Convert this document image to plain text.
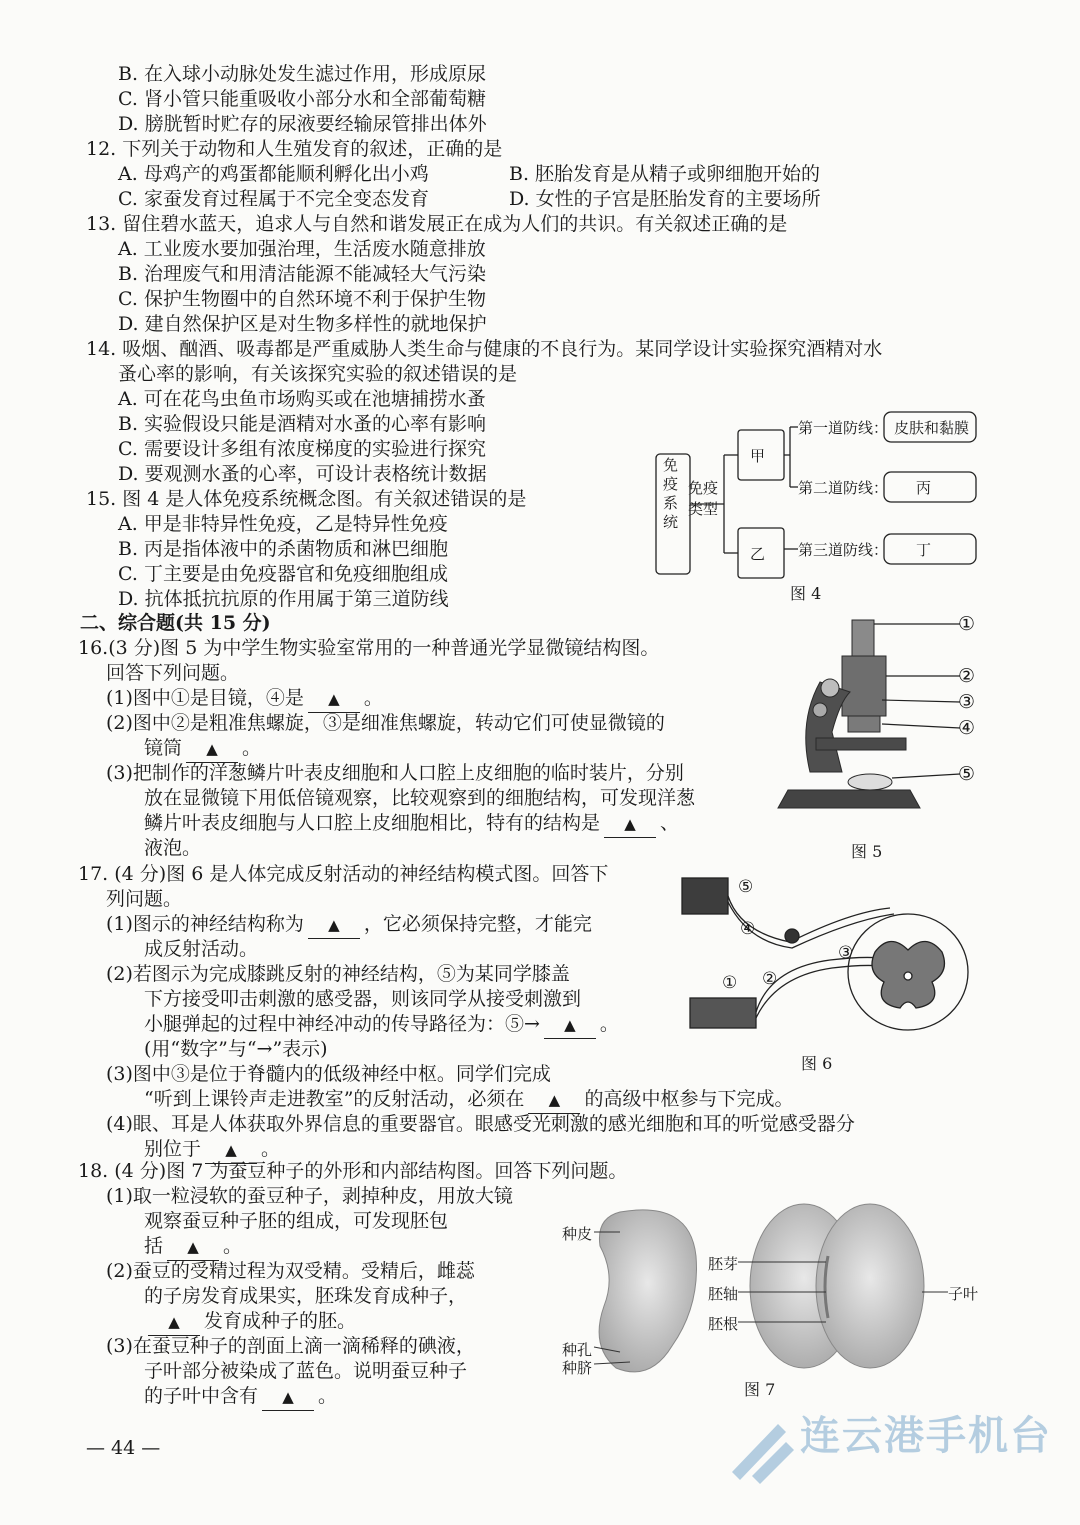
B. 在入球小动脉处发生滤过作用，形成原尿
C. 肾小管只能重吸收小部分水和全部葡萄糖
D. 膀胱暂时贮存的尿液要经输尿管排出体外
12. 下列关于动物和人生殖发育的叙述，正确的是
A. 母鸡产的鸡蛋都能顺利孵化出小鸡	B. 胚胎发育是从精子或卵细胞开始的
C. 家蚕发育过程属于不完全变态发育	D. 女性的子宫是胚胎发育的主要场所
13. 留住碧水蓝天，追求人与自然和谐发展正在成为人们的共识。有关叙述正确的是
A. 工业废水要加强治理，生活废水随意排放
B. 治理废气和用清洁能源不能减轻大气污染
C. 保护生物圈中的自然环境不利于保护生物
D. 建自然保护区是对生物多样性的就地保护
14. 吸烟、酗酒、吸毒都是严重威胁人类生命与健康的不良行为。某同学设计实验探究酒精对水
蚤心率的影响，有关该探究实验的叙述错误的是
A. 可在花鸟虫鱼市场购买或在池塘捕捞水蚤
B. 实验假设只能是酒精对水蚤的心率有影响
C. 需要设计多组有浓度梯度的实验进行探究
D. 要观测水蚤的心率，可设计表格统计数据
15. 图 4 是人体免疫系统概念图。有关叙述错误的是
A. 甲是非特异性免疫，乙是特异性免疫
B. 丙是指体液中的杀菌物质和淋巴细胞
C. 丁主要是由免疫器官和免疫细胞组成
D. 抗体抵抗抗原的作用属于第三道防线
免疫系统
免疫类型
甲
乙
第一道防线：
第二道防线：
第三道防线：
皮肤和黏膜
丙
丁
图 4
二、综合题(共 15 分)
16.(3 分)图 5 为中学生物实验室常用的一种普通光学显微镜结构图。
回答下列问题。
(1)图中①是目镜，④是 ▲ 。
(2)图中②是粗准焦螺旋，③是细准焦螺旋，转动它们可使显微镜的
镜筒 ▲ 。
(3)把制作的洋葱鳞片叶表皮细胞和人口腔上皮细胞的临时装片，分别
放在显微镜下用低倍镜观察，比较观察到的细胞结构，可发现洋葱
鳞片叶表皮细胞与人口腔上皮细胞相比，特有的结构是 ▲ 、
液泡。
①
②
③
④
⑤
图 5
17. (4 分)图 6 是人体完成反射活动的神经结构模式图。回答下
列问题。
(1)图示的神经结构称为 ▲ ，它必须保持完整，才能完
成反射活动。
(2)若图示为完成膝跳反射的神经结构，⑤为某同学膝盖
下方接受叩击刺激的感受器，则该同学从接受刺激到
小腿弹起的过程中神经冲动的传导路径为：⑤→ ▲ 。
(用“数字”与“→”表示)
(3)图中③是位于脊髓内的低级神经中枢。同学们完成
“听到上课铃声走进教室”的反射活动，必须在 ▲ 的高级中枢参与下完成。
(4)眼、耳是人体获取外界信息的重要器官。眼感受光刺激的感光细胞和耳的听觉感受器分
别位于 ▲ 。
⑤
④
③
① ②
图 6
18. (4 分)图 7 为蚕豆种子的外形和内部结构图。回答下列问题。
(1)取一粒浸软的蚕豆种子，剥掉种皮，用放大镜
观察蚕豆种子胚的组成，可发现胚包
括 ▲ 。
(2)蚕豆的受精过程为双受精。受精后，雌蕊
的子房发育成果实，胚珠发育成种子，
▲ 发育成种子的胚。
(3)在蚕豆种子的剖面上滴一滴稀释的碘液，
子叶部分被染成了蓝色。说明蚕豆种子
的子叶中含有 ▲ 。
种皮
种孔
种脐
胚芽
胚轴
胚根
子叶
图 7
— 44 —	连云港手机台
